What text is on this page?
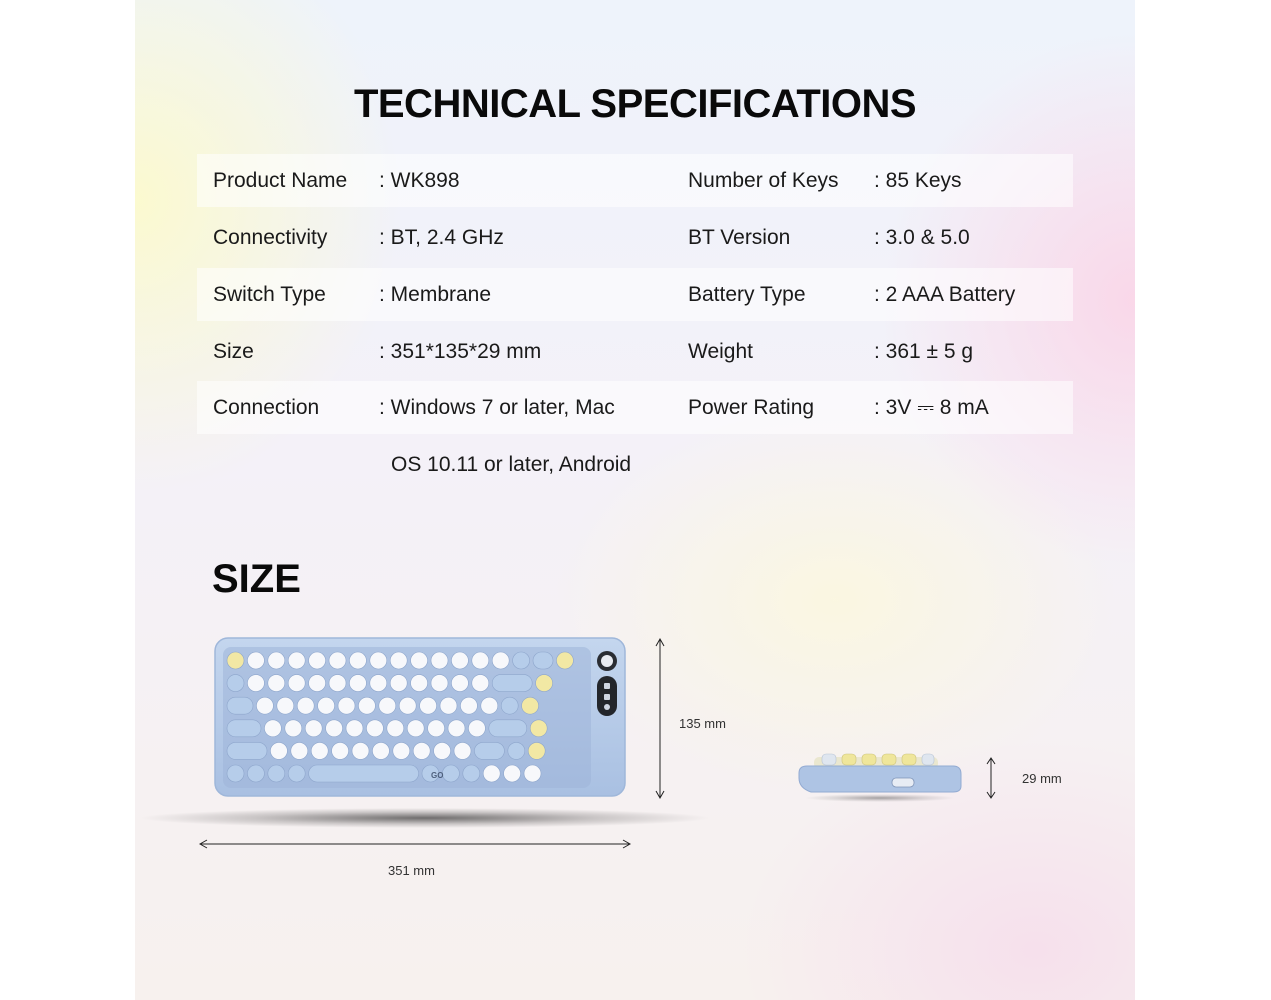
TECHNICAL SPECIFICATIONS
Product Name : WK898	Number of Keys : 85 Keys
Connectivity : BT, 2.4 GHz	BT Version	: 3.0 & 5.0
Switch Type	: Membrane	Battery Type	: 2 AAA Battery
Size	: 351*135*29 mm	Weight	: 361 ± 5 g
Connection	: Windows 7 or later, Mac	Power Rating	: 3V ⎓ 8 mA
OS 10.11 or later, Android
SIZE
GO
135 mm
351 mm
29 mm
